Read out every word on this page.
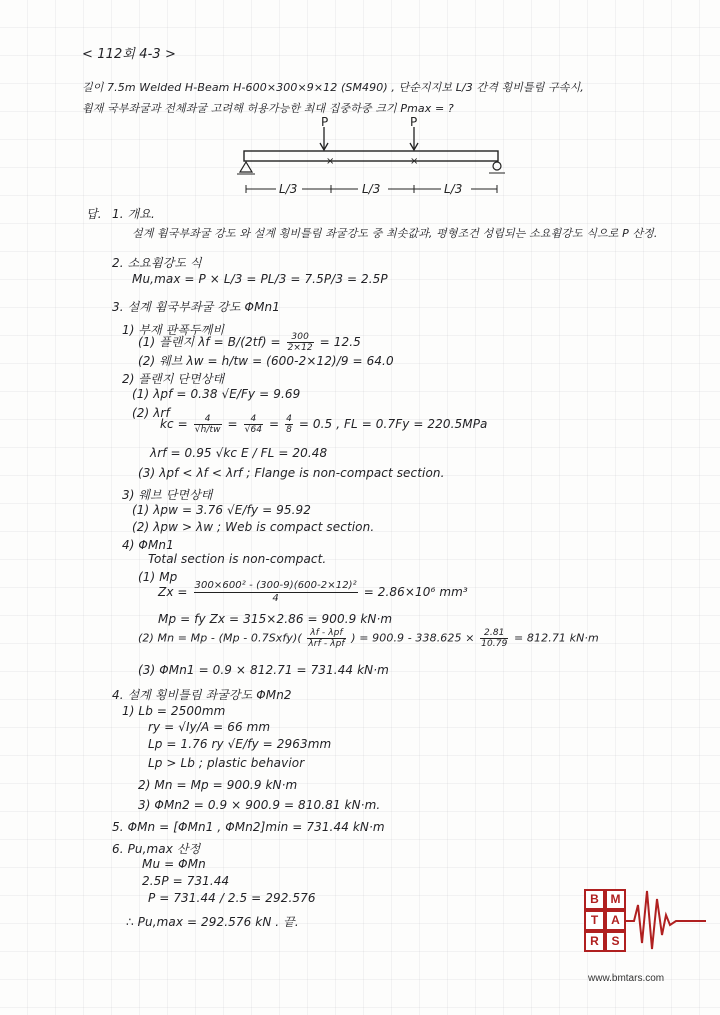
< 112회 4-3 >
길이 7.5m Welded H-Beam H-600×300×9×12 (SM490) , 단순지지보 L/3 간격 횡비틀림 구속시,
휨재 국부좌굴과 전체좌굴 고려해 허용가능한 최대 집중하중 크기 Pmax = ?
P	P
×	×
L/3	L/3	L/3
답. 1. 개요.
설계 휨국부좌굴 강도 와 설계 횡비틀림 좌굴강도 중 최솟값과, 평형조건 성립되는 소요휨강도 식으로 P 산정.
2. 소요휨강도 식
Mu,max = P × L/3 = PL/3 = 7.5P/3 = 2.5P
3. 설계 휨국부좌굴 강도 ΦMn1
1) 부재 판폭두께비
(1) 플랜지 $\lambda f = B/(2tf) = \frac{300}{2\times 12} = 12.5$
(2) 웨브 λw = h/tw = (600-2×12)/9 = 64.0
2) 플랜지 단면상태
(1) λpf = 0.38 √E/Fy = 9.69
(2) λrf
kc = $\frac{4}{√h/tw} = \frac{4}{√64} = \frac{4}{8} = 0.5$ , FL = 0.7Fy = 220.5MPa
λrf = 0.95 √kc E / FL = 20.48
(3) λpf < λf < λrf ; Flange is non-compact section.
3) 웨브 단면상태
(1) λpw = 3.76 √E/fy = 95.92
(2) λpw > λw ; Web is compact section.
4) ΦMn1
Total section is non-compact.
(1) Mp
$Zx = \frac{\text{300×600² - (300-9)(600-2×12)²}}{4} = 2.86\times 10^6$ mm³
Mp = fy Zx = 315×2.86 = 900.9 kN·m
(2) Mn = Mp - (Mp - 0.7Sxfy)( $\frac{\text{λf - λpf}}{\text{λrf - λpf}}$ ) = $900.9 - 338.625 \times \frac{2.81}{10.79} = 812.71$ kN·m
(3) ΦMn1 = 0.9 × 812.71 = 731.44 kN·m
4. 설계 횡비틀림 좌굴강도 ΦMn2
1) Lb = 2500mm
ry = √Iy/A = 66 mm
Lp = 1.76 ry √E/fy = 2963mm
Lp > Lb ; plastic behavior
2) Mn = Mp = 900.9 kN·m
3) ΦMn2 = 0.9 × 900.9 = 810.81 kN·m.
5. ΦMn = [ΦMn1 , ΦMn2]min = 731.44 kN·m
6. Pu,max 산정
Mu = ΦMn
2.5P = 731.44
P = 731.44 / 2.5 = 292.576
∴ Pu,max = 292.576 kN . 끝.
B M
T	A
R	S
www.bmtars.com
